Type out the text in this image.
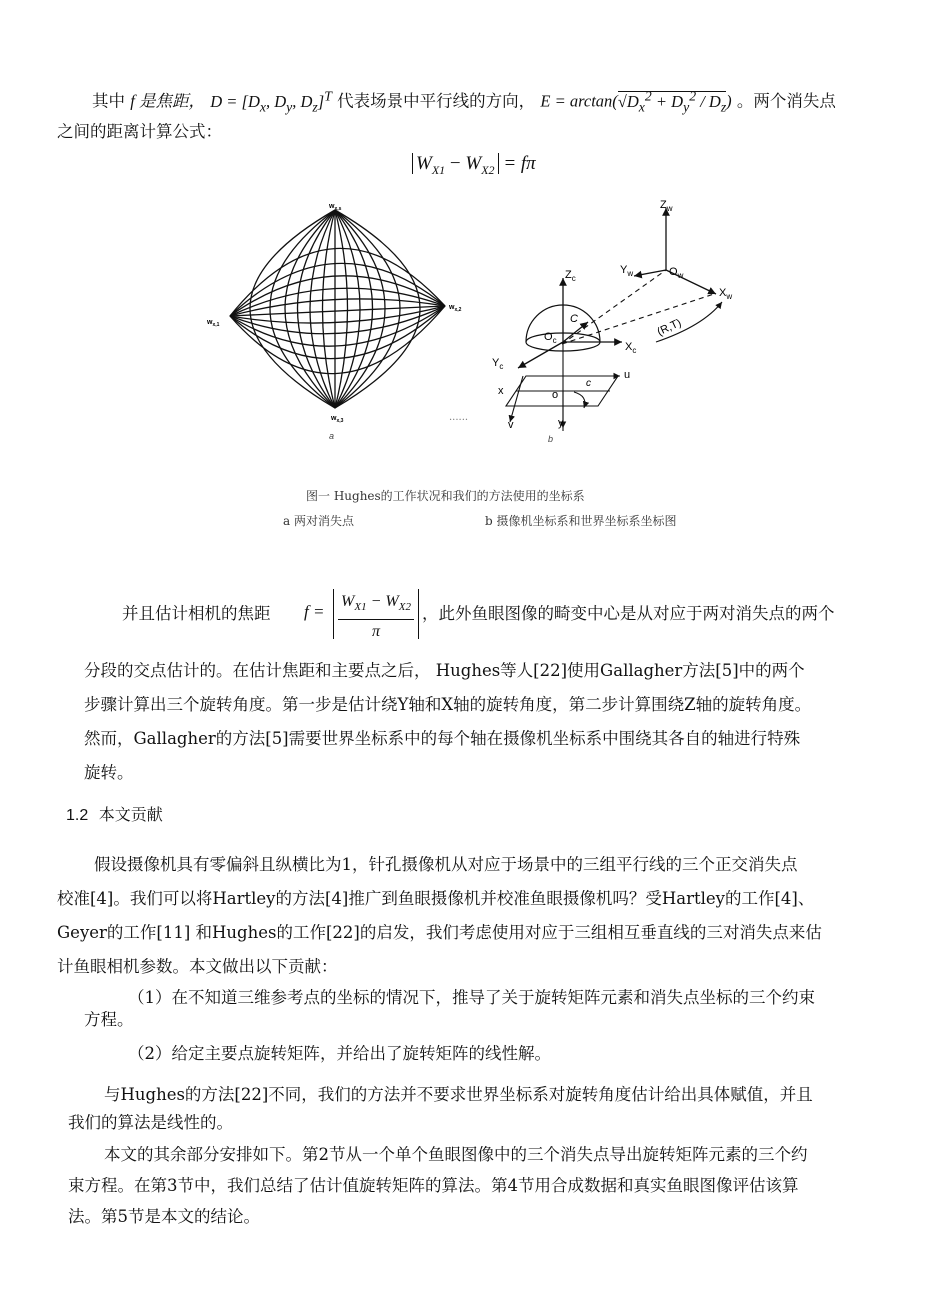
其中 f 是焦距， $D = [D_x$, $D_y$, $D_z]^T$ 代表场景中平行线的方向， $E = \arctan(√D_x^2 + D_y^2 / D_z)$ 。两个消失点
之间的距离计算公式：
$W_{X1} - W_{X2} = f\pi$
$w_{x,s}$
$w_{x,1}$
$w_{x,2}$
$w_{x,3}$
a
......
$Z_w$
$Y_w$	$O_w$
$X_w$
(R,T)
$Z_c$
C
$O_c$
$X_c$
$Y_c$
c
u
x	o
y
v
b
图一 Hughes的工作状况和我们的方法使用的坐标系
a 两对消失点	b 摄像机坐标系和世界坐标系坐标图
并且估计相机的焦距 f =
$W_{X1} - W_{X2}$
π
，此外鱼眼图像的畸变中心是从对应于两对消失点的两个
分段的交点估计的。在估计焦距和主要点之后， Hughes等人[22]使用Gallagher方法[5]中的两个
步骤计算出三个旋转角度。第一步是估计绕Y轴和X轴的旋转角度，第二步计算围绕Z轴的旋转角度。
然而，Gallagher的方法[5]需要世界坐标系中的每个轴在摄像机坐标系中围绕其各自的轴进行特殊
旋转。
1.2 本文贡献
假设摄像机具有零偏斜且纵横比为1，针孔摄像机从对应于场景中的三组平行线的三个正交消失点
校准[4]。我们可以将Hartley的方法[4]推广到鱼眼摄像机并校准鱼眼摄像机吗？受Hartley的工作[4]、
Geyer的工作[11] 和Hughes的工作[22]的启发，我们考虑使用对应于三组相互垂直线的三对消失点来估
计鱼眼相机参数。本文做出以下贡献：
（1）在不知道三维参考点的坐标的情况下，推导了关于旋转矩阵元素和消失点坐标的三个约束
方程。
（2）给定主要点旋转矩阵，并给出了旋转矩阵的线性解。
与Hughes的方法[22]不同，我们的方法并不要求世界坐标系对旋转角度估计给出具体赋值，并且
我们的算法是线性的。
本文的其余部分安排如下。第2节从一个单个鱼眼图像中的三个消失点导出旋转矩阵元素的三个约
束方程。在第3节中，我们总结了估计值旋转矩阵的算法。第4节用合成数据和真实鱼眼图像评估该算
法。第5节是本文的结论。
